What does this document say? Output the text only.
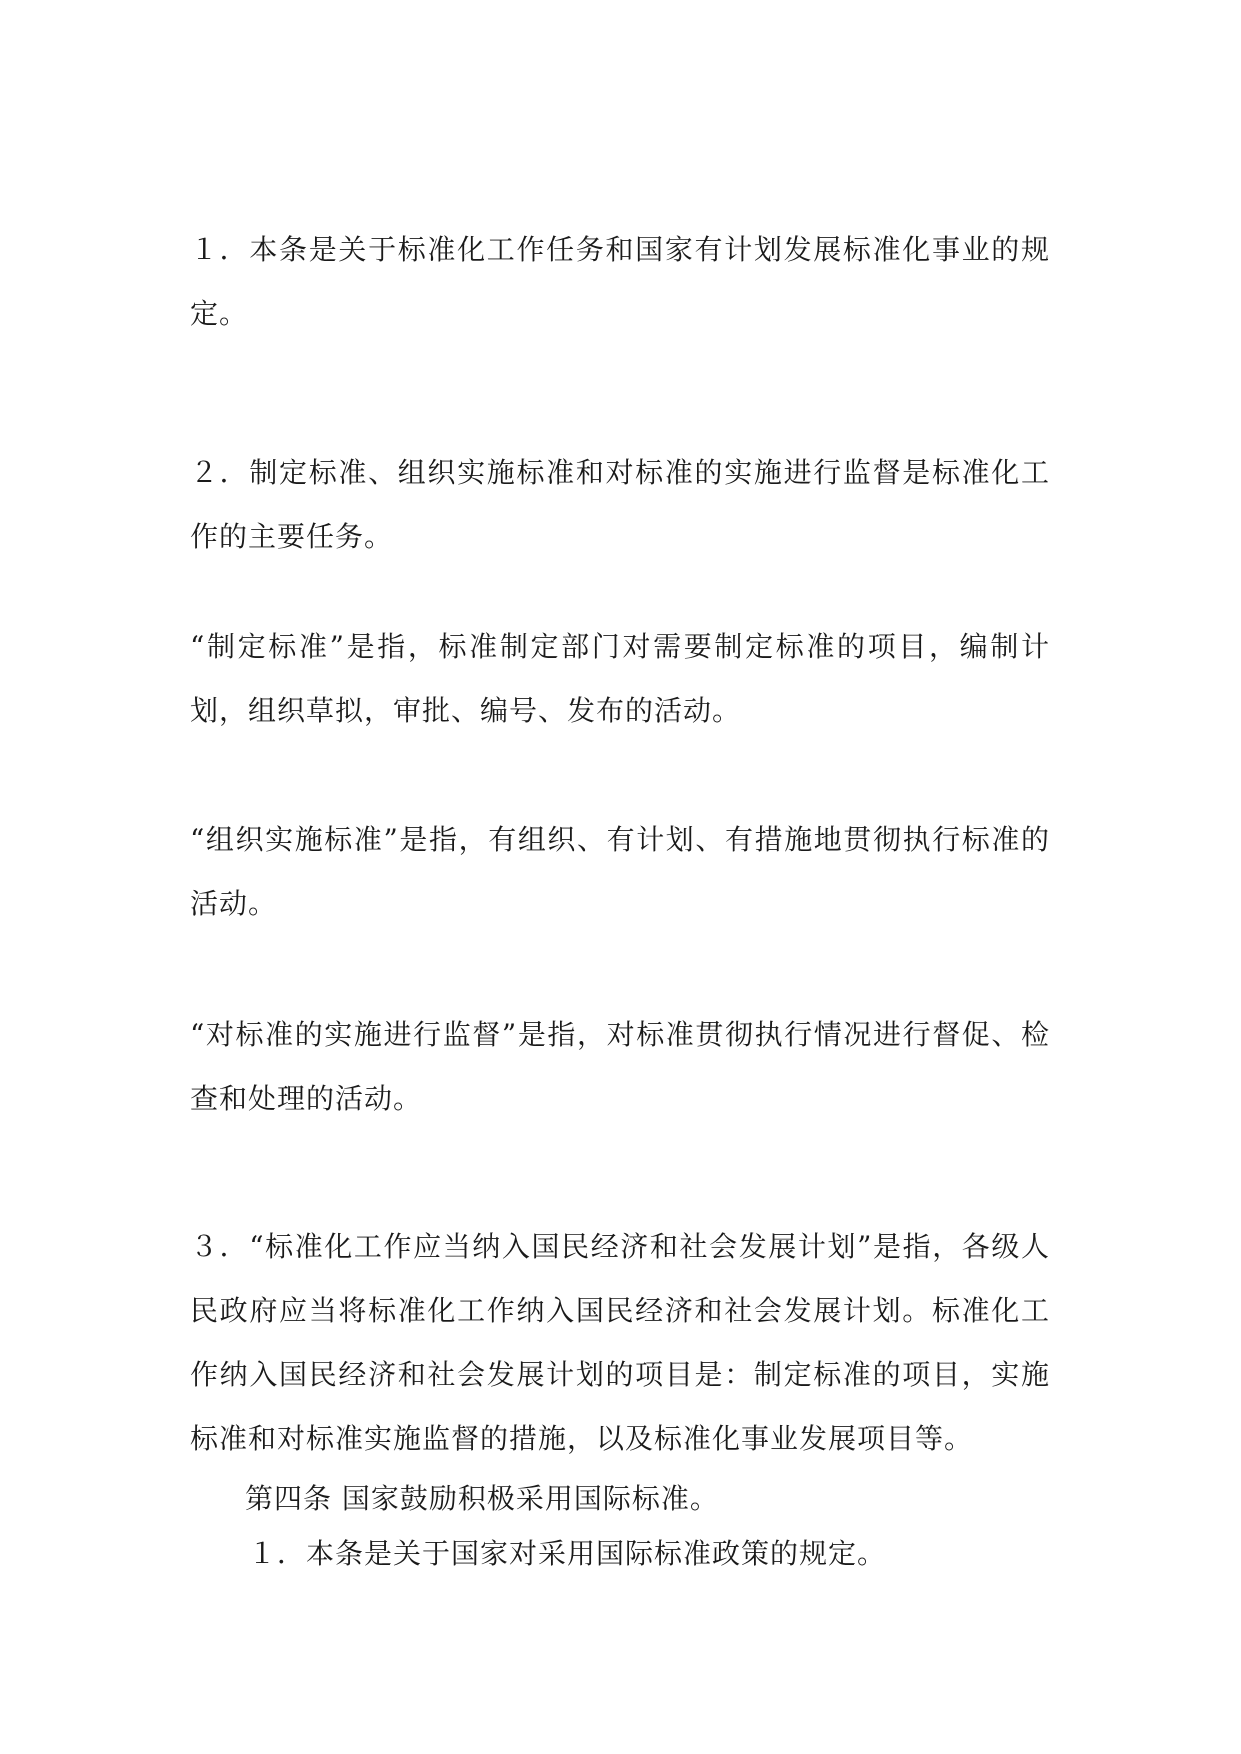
１．本条是关于标准化工作任务和国家有计划发展标准化事业的规定。

２．制定标准、组织实施标准和对标准的实施进行监督是标准化工作的主要任务。

“制定标准”是指，标准制定部门对需要制定标准的项目，编制计划，组织草拟，审批、编号、发布的活动。

“组织实施标准”是指，有组织、有计划、有措施地贯彻执行标准的活动。

“对标准的实施进行监督”是指，对标准贯彻执行情况进行督促、检查和处理的活动。

３．“标准化工作应当纳入国民经济和社会发展计划”是指，各级人民政府应当将标准化工作纳入国民经济和社会发展计划。标准化工作纳入国民经济和社会发展计划的项目是：制定标准的项目，实施标准和对标准实施监督的措施，以及标准化事业发展项目等。

第四条 国家鼓励积极采用国际标准。

１．本条是关于国家对采用国际标准政策的规定。
